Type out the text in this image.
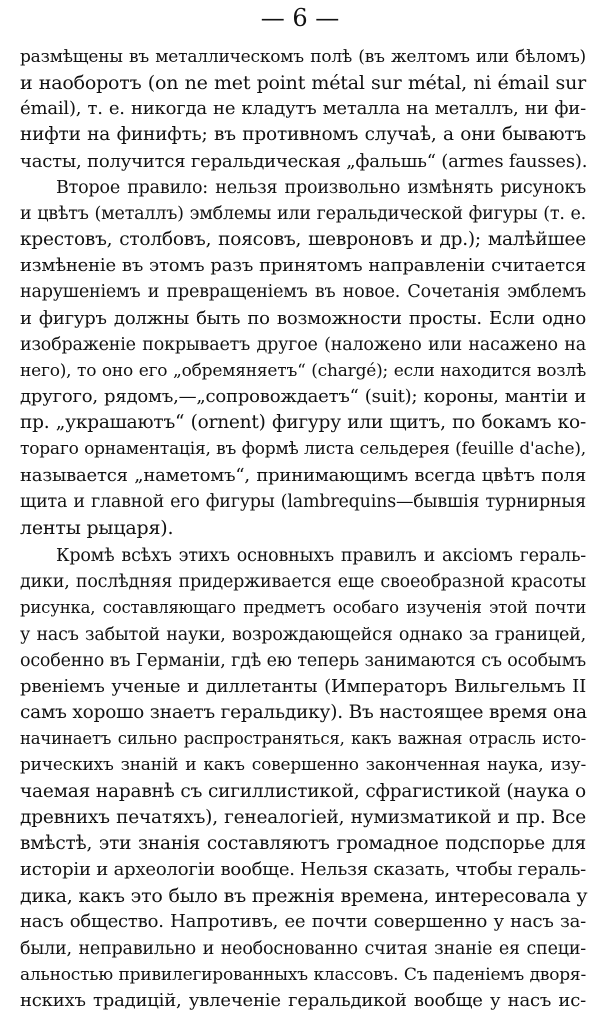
— 6 —
размѣщены въ металлическомъ полѣ (въ желтомъ или бѣломъ)
и наоборотъ (on ne met point métal sur métal, ni émail sur
émail), т. е. никогда не кладутъ металла на металлъ, ни фи-
нифти на финифть; въ противномъ случаѣ, а они бываютъ
часты, получится геральдическая „фальшь“ (armes fausses).
Второе правило: нельзя произвольно измѣнять рисунокъ
и цвѣтъ (металлъ) эмблемы или геральдической фигуры (т. е.
крестовъ, столбовъ, поясовъ, шевроновъ и др.); малѣйшее
измѣненіе въ этомъ разъ принятомъ направленіи считается
нарушеніемъ и превращеніемъ въ новое. Сочетанія эмблемъ
и фигуръ должны быть по возможности просты. Если одно
изображеніе покрываетъ другое (наложено или насажено на
него), то оно его „обремяняетъ“ (chargé); если находится возлѣ
другого, рядомъ,—„сопровождаетъ“ (suit); короны, мантіи и
пр. „украшаютъ“ (ornent) фигуру или щитъ, по бокамъ ко-
тораго орнаментація, въ формѣ листа сельдерея (feuille d'ache),
называется „наметомъ“, принимающимъ всегда цвѣтъ поля
щита и главной его фигуры (lambrequins—бывшія турнирныя
ленты рыцаря).
Кромѣ всѣхъ этихъ основныхъ правилъ и аксіомъ гераль-
дики, послѣдняя придерживается еще своеобразной красоты
рисунка, составляющаго предметъ особаго изученія этой почти
у насъ забытой науки, возрождающейся однако за границей,
особенно въ Германіи, гдѣ ею теперь занимаются съ особымъ
рвеніемъ ученые и диллетанты (Императоръ Вильгельмъ II
самъ хорошо знаетъ геральдику). Въ настоящее время она
начинаетъ сильно распространяться, какъ важная отрасль исто-
рическихъ знаній и какъ совершенно законченная наука, изу-
чаемая наравнѣ съ сигиллистикой, сфрагистикой (наука о
древнихъ печатяхъ), генеалогіей, нумизматикой и пр. Все
вмѣстѣ, эти знанія составляютъ громадное подспорье для
исторіи и археологіи вообще. Нельзя сказать, чтобы гераль-
дика, какъ это было въ прежнія времена, интересовала у
насъ общество. Напротивъ, ее почти совершенно у насъ за-
были, неправильно и необоснованно считая знаніе ея специ-
альностью привилегированныхъ классовъ. Съ паденіемъ дворя-
нскихъ традицій, увлеченіе геральдикой вообще у насъ ис-
